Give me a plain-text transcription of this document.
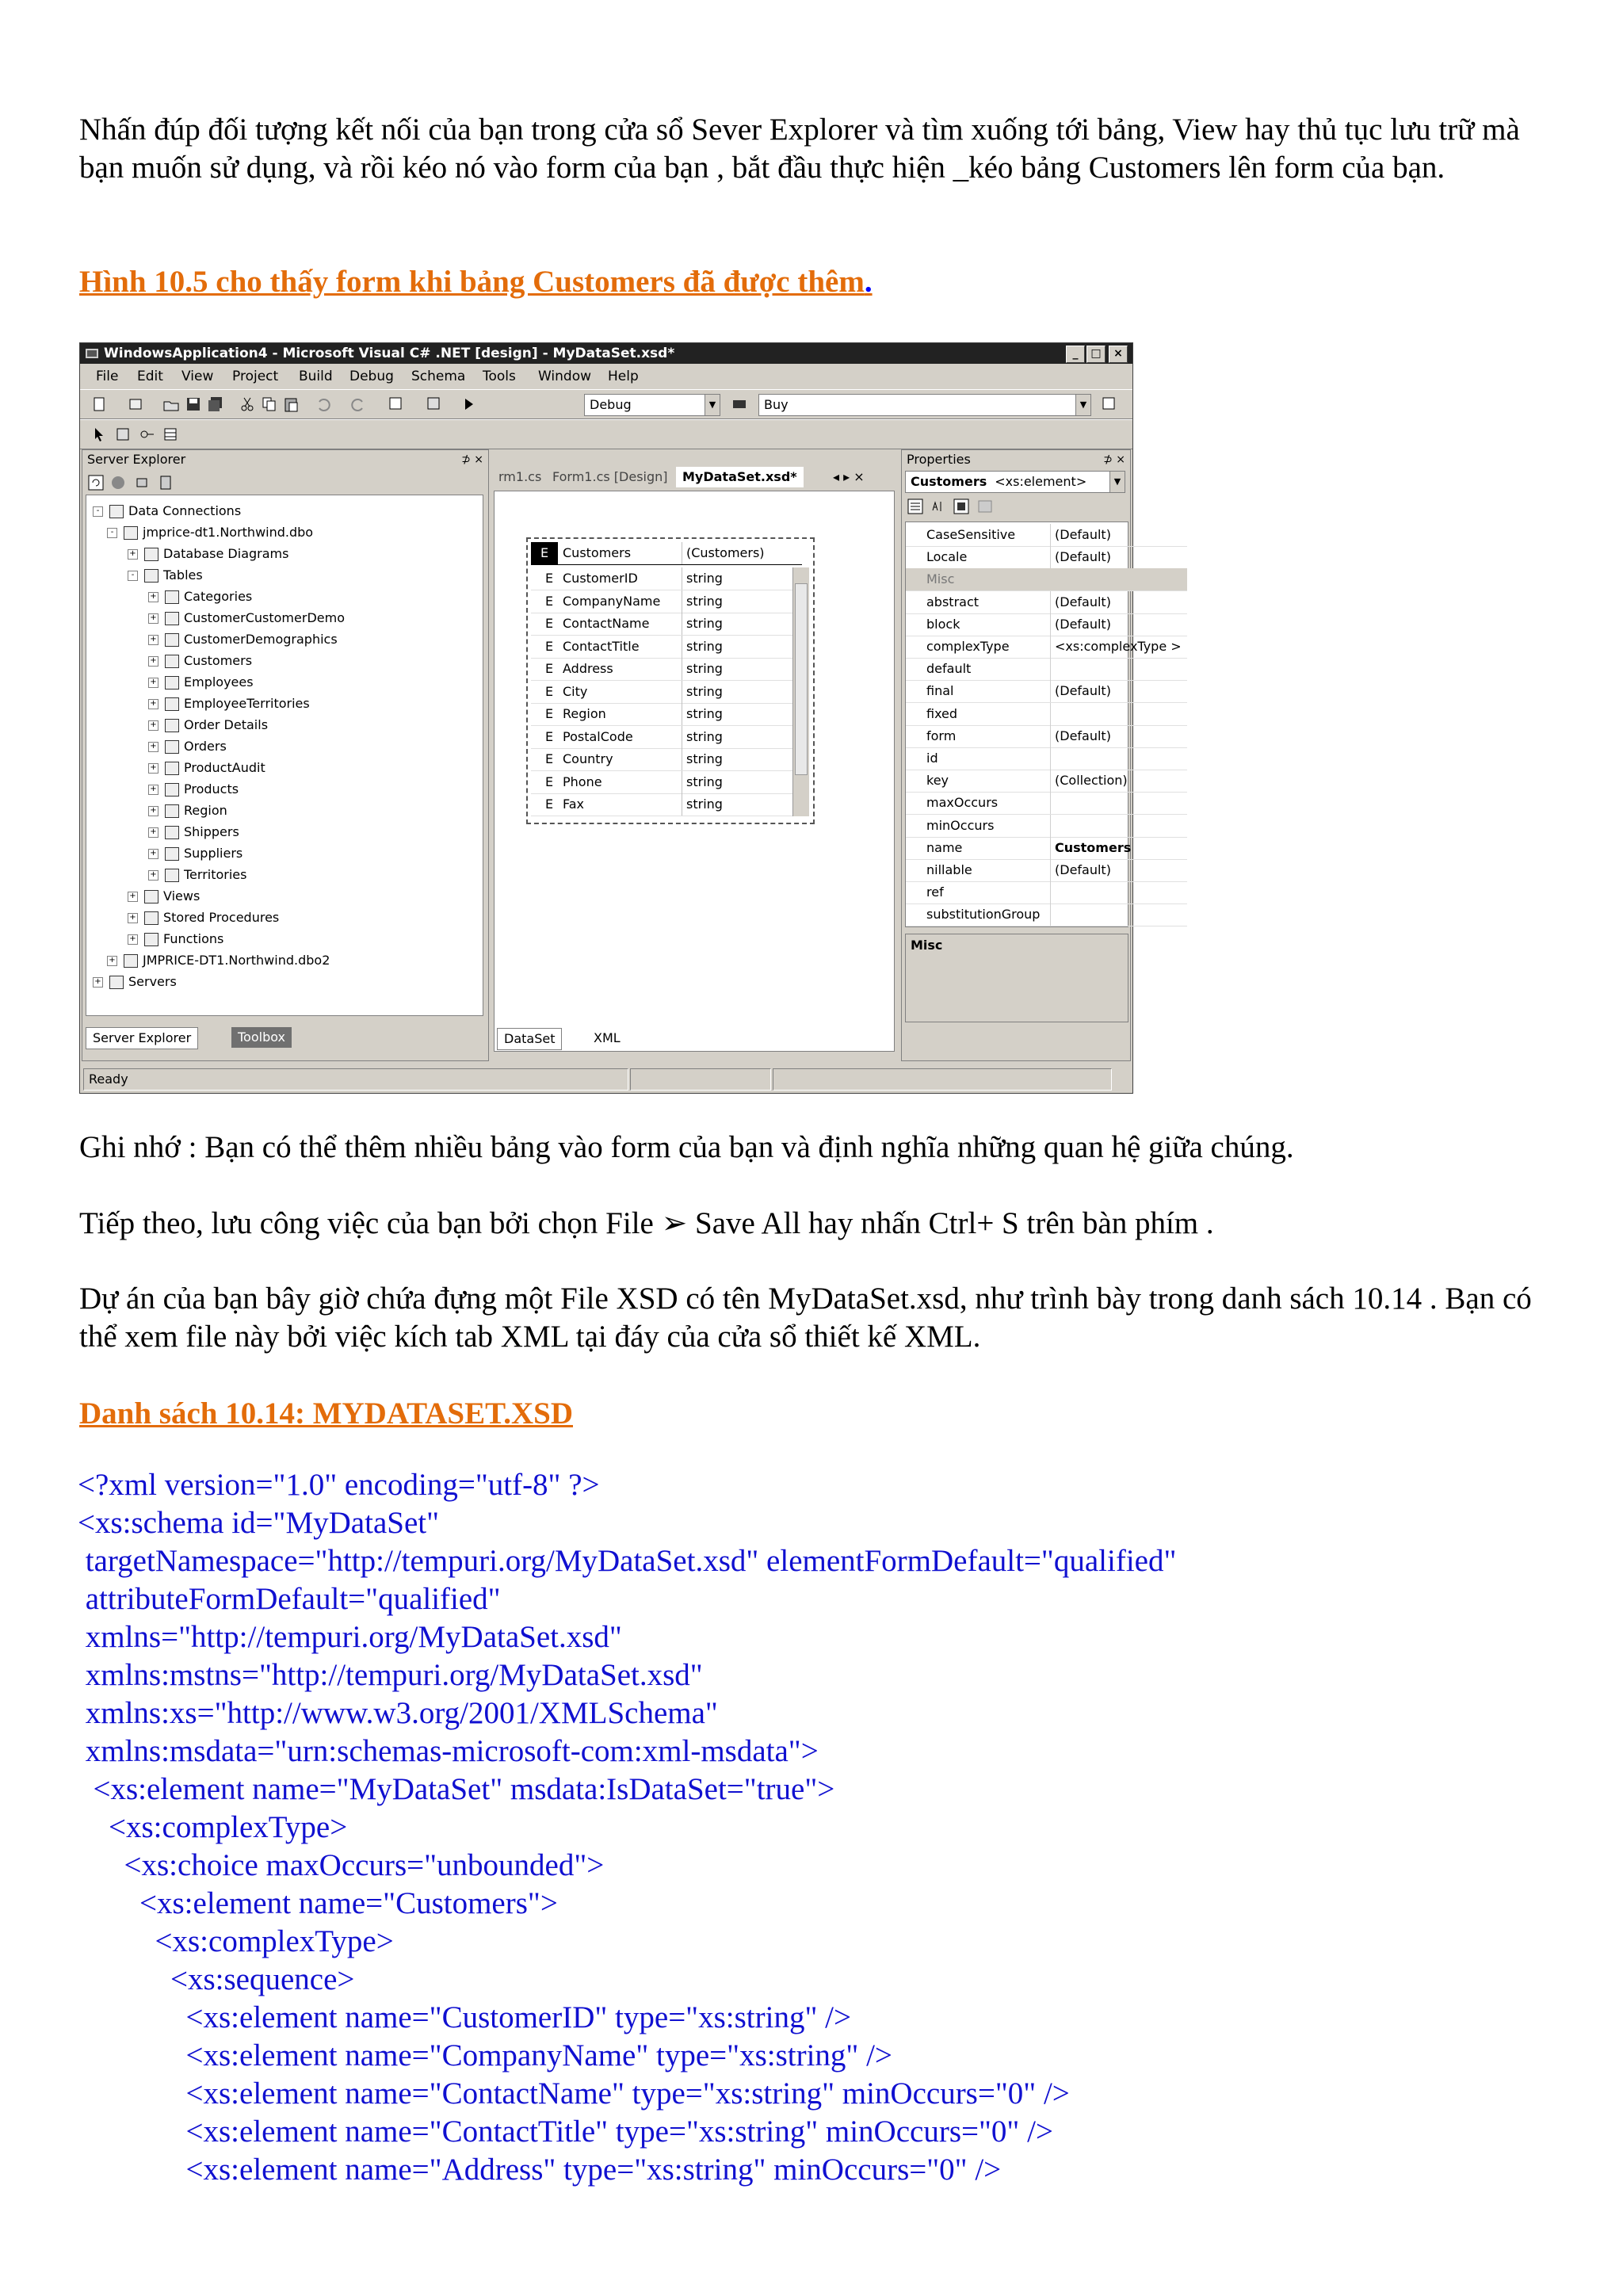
Nhấn đúp đối tượng kết nối của bạn trong cửa sổ Sever Explorer và tìm xuống tới bảng, View hay thủ tục lưu trữ mà bạn muốn sử dụng, và rồi kéo nó vào form của bạn , bắt đầu thực hiện _kéo bảng Customers lên form của bạn.

Hình 10.5 cho thấy form khi bảng Customers đã được thêm.

Ghi nhớ : Bạn có thể thêm nhiều bảng vào form của bạn và định nghĩa những quan hệ giữa chúng.

Tiếp theo, lưu công việc của bạn bởi chọn File ➢ Save All hay nhấn Ctrl+ S trên bàn phím .

Dự án của bạn bây giờ chứa đựng một File XSD có tên MyDataSet.xsd, như trình bày trong danh sách 10.14 . Bạn có thể xem file này bởi việc kích tab XML tại đáy của cửa sổ thiết kế XML.

Danh sách 10.14: MYDATASET.XSD

<?xml version="1.0" encoding="utf-8" ?>
<xs:schema id="MyDataSet"
targetNamespace="http://tempuri.org/MyDataSet.xsd" elementFormDefault="qualified"
attributeFormDefault="qualified"
xmlns="http://tempuri.org/MyDataSet.xsd"
xmlns:mstns="http://tempuri.org/MyDataSet.xsd"
xmlns:xs="http://www.w3.org/2001/XMLSchema"
xmlns:msdata="urn:schemas-microsoft-com:xml-msdata">
<xs:element name="MyDataSet" msdata:IsDataSet="true">
<xs:complexType>
<xs:choice maxOccurs="unbounded">
<xs:element name="Customers">
<xs:complexType>
<xs:sequence>
<xs:element name="CustomerID" type="xs:string" />
<xs:element name="CompanyName" type="xs:string" />
<xs:element name="ContactName" type="xs:string" minOccurs="0" />
<xs:element name="ContactTitle" type="xs:string" minOccurs="0" />
<xs:element name="Address" type="xs:string" minOccurs="0" />
WindowsApplication4 - Microsoft Visual C# .NET [design] - MyDataSet.xsd*	_	□	×
File Edit View Project Build Debug Schema Tools Window Help
Debug	▼	Buy	▼
Server Explorer	⊅ ×
- Data Connections
- jmprice-dt1.Northwind.dbo
+ Database Diagrams
- Tables
+ Categories
+ CustomerCustomerDemo
+ CustomerDemographics
+ Customers
+ Employees
+ EmployeeTerritories
+ Order Details
+ Orders
+ ProductAudit
+ Products
+ Region
+ Shippers
+ Suppliers
+ Territories
+ Views
+ Stored Procedures
+ Functions
+ JMPRICE-DT1.Northwind.dbo2
+ Servers
Server Explorer	Toolbox
rm1.cs Form1.cs [Design]	MyDataSet.xsd*	◂ ▸ ×
E	Customers	(Customers)
E CustomerID	string
E CompanyName string
E ContactName	string
E ContactTitle	string
E Address	string
E City	string
E Region	string
E PostalCode	string
E Country	string
E Phone	string
E Fax	string
DataSet	XML
Properties	⊅ ×
Customers <xs:element>	▼
CaseSensitive	(Default)
Locale	(Default)
Misc
abstract	(Default)
block	(Default)
complexType	<xs:complexType >
default
final	(Default)
fixed
form	(Default)
id
key	(Collection)
maxOccurs
minOccurs
name	Customers
nillable	(Default)
ref
substitutionGroup
Misc
Ready
